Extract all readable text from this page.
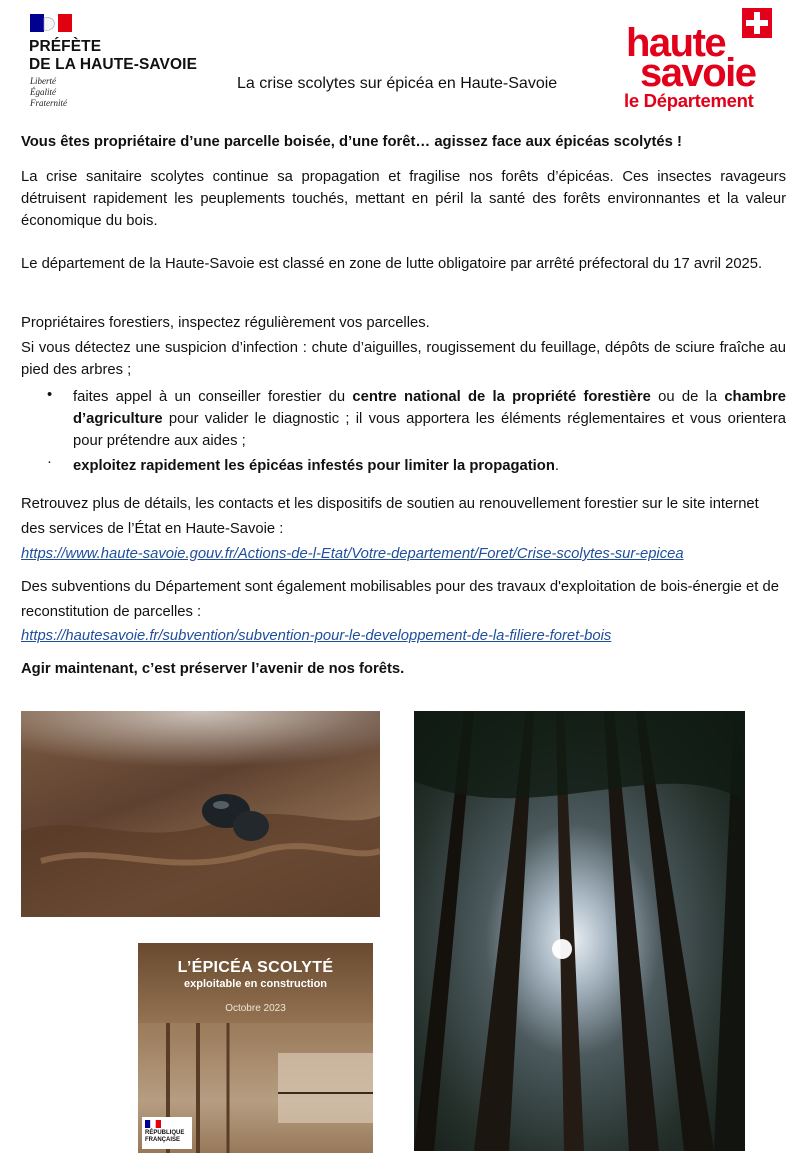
PRÉFÈTE
DE LA HAUTE-SAVOIE
Liberté
Égalité
Fraternité
La crise scolytes sur épicéa en Haute-Savoie
haute
savoie
le Département
Vous êtes propriétaire d’une parcelle boisée, d’une forêt… agissez face aux épicéas scolytés !
La crise sanitaire scolytes continue sa propagation et fragilise nos forêts d’épicéas. Ces insectes ravageurs détruisent rapidement les peuplements touchés, mettant en péril la santé des forêts environnantes et la valeur économique du bois.
Le département de la Haute-Savoie est classé en zone de lutte obligatoire par arrêté préfectoral du 17 avril 2025.
Propriétaires forestiers, inspectez régulièrement vos parcelles.
Si vous détectez une suspicion d’infection : chute d’aiguilles, rougissement du feuillage, dépôts de sciure fraîche au pied des arbres ;
• faites appel à un conseiller forestier du centre national de la propriété forestière ou de la chambre d’agriculture pour valider le diagnostic ; il vous apportera les éléments réglementaires et vous orientera pour prétendre aux aides ;
· exploitez rapidement les épicéas infestés pour limiter la propagation.
Retrouvez plus de détails, les contacts et les dispositifs de soutien au renouvellement forestier sur le site internet des services de l’État en Haute-Savoie :
https://www.haute-savoie.gouv.fr/Actions-de-l-Etat/Votre-departement/Foret/Crise-scolytes-sur-epicea
Des subventions du Département sont également mobilisables pour des travaux d'exploitation de bois-énergie et de reconstitution de parcelles :
https://hautesavoie.fr/subvention/subvention-pour-le-developpement-de-la-filiere-foret-bois
Agir maintenant, c’est préserver l’avenir de nos forêts.
L’ÉPICÉA SCOLYTÉ
exploitable en construction
Octobre 2023
RÉPUBLIQUE
FRANÇAISE
